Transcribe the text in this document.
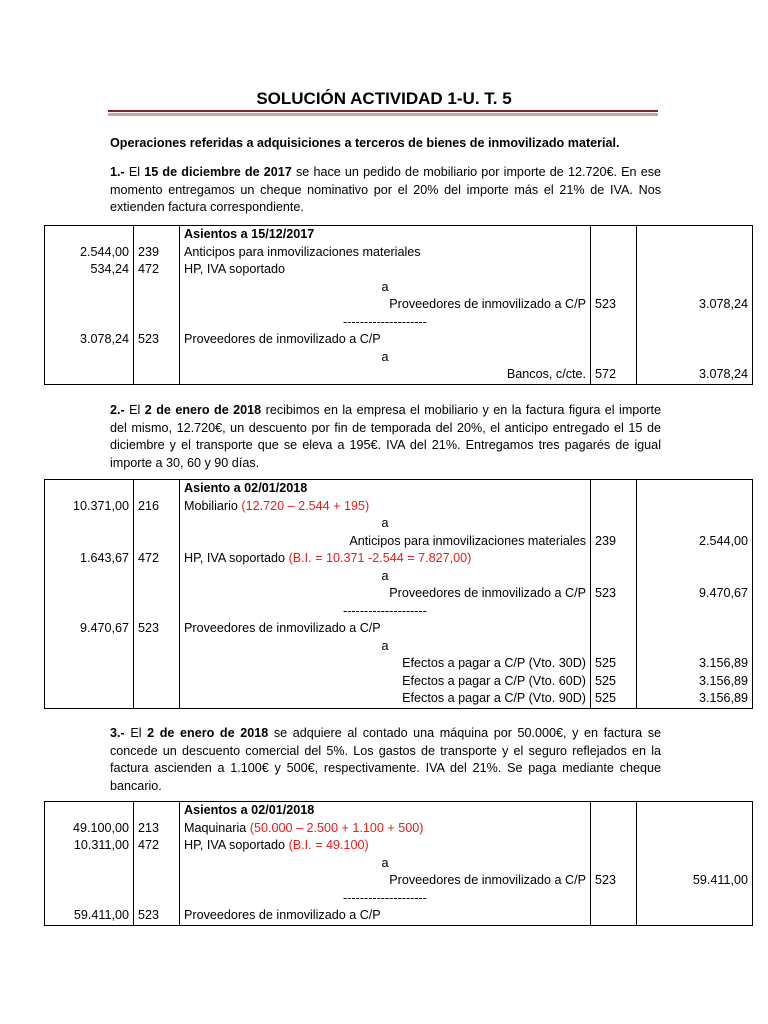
SOLUCIÓN ACTIVIDAD 1-U. T. 5
Operaciones referidas a adquisiciones a terceros de bienes de inmovilizado material.
1.- El 15 de diciembre de 2017 se hace un pedido de mobiliario por importe de 12.720€. En ese momento entregamos un cheque nominativo por el 20% del importe más el 21% de IVA. Nos extienden factura correspondiente.
		Asientos a 15/12/2017		
2.544,00	239	Anticipos para inmovilizaciones materiales		
534,24	472	HP, IVA soportado		
		a		
		Proveedores de inmovilizado a C/P	523	3.078,24
		--------------------		
3.078,24	523	Proveedores de inmovilizado a C/P		
		a		
		Bancos, c/cte.	572	3.078,24
2.- El 2 de enero de 2018 recibimos en la empresa el mobiliario y en la factura figura el importe del mismo, 12.720€, un descuento por fin de temporada del 20%, el anticipo entregado el 15 de diciembre y el transporte que se eleva a 195€. IVA del 21%. Entregamos tres pagarés de igual importe a 30, 60 y 90 días.
		Asiento a 02/01/2018		
10.371,00	216	Mobiliario (12.720 – 2.544 + 195)		
		a		
		Anticipos para inmovilizaciones materiales	239	2.544,00
1.643,67	472	HP, IVA soportado (B.I. = 10.371 -2.544 = 7.827,00)		
		a		
		Proveedores de inmovilizado a C/P	523	9.470,67
		--------------------		
9.470,67	523	Proveedores de inmovilizado a C/P		
		a		
		Efectos a pagar a C/P (Vto. 30D)	525	3.156,89
		Efectos a pagar a C/P (Vto. 60D)	525	3.156,89
		Efectos a pagar a C/P (Vto. 90D)	525	3.156,89
3.- El 2 de enero de 2018 se adquiere al contado una máquina por 50.000€, y en factura se concede un descuento comercial del 5%. Los gastos de transporte y el seguro reflejados en la factura ascienden a 1.100€ y 500€, respectivamente. IVA del 21%. Se paga mediante cheque bancario.
		Asientos a 02/01/2018		
49.100,00	213	Maquinaria (50.000 – 2.500 + 1.100 + 500)		
10.311,00	472	HP, IVA soportado (B.I. = 49.100)		
		a		
		Proveedores de inmovilizado a C/P	523	59.411,00
		--------------------		
59.411,00	523	Proveedores de inmovilizado a C/P		
